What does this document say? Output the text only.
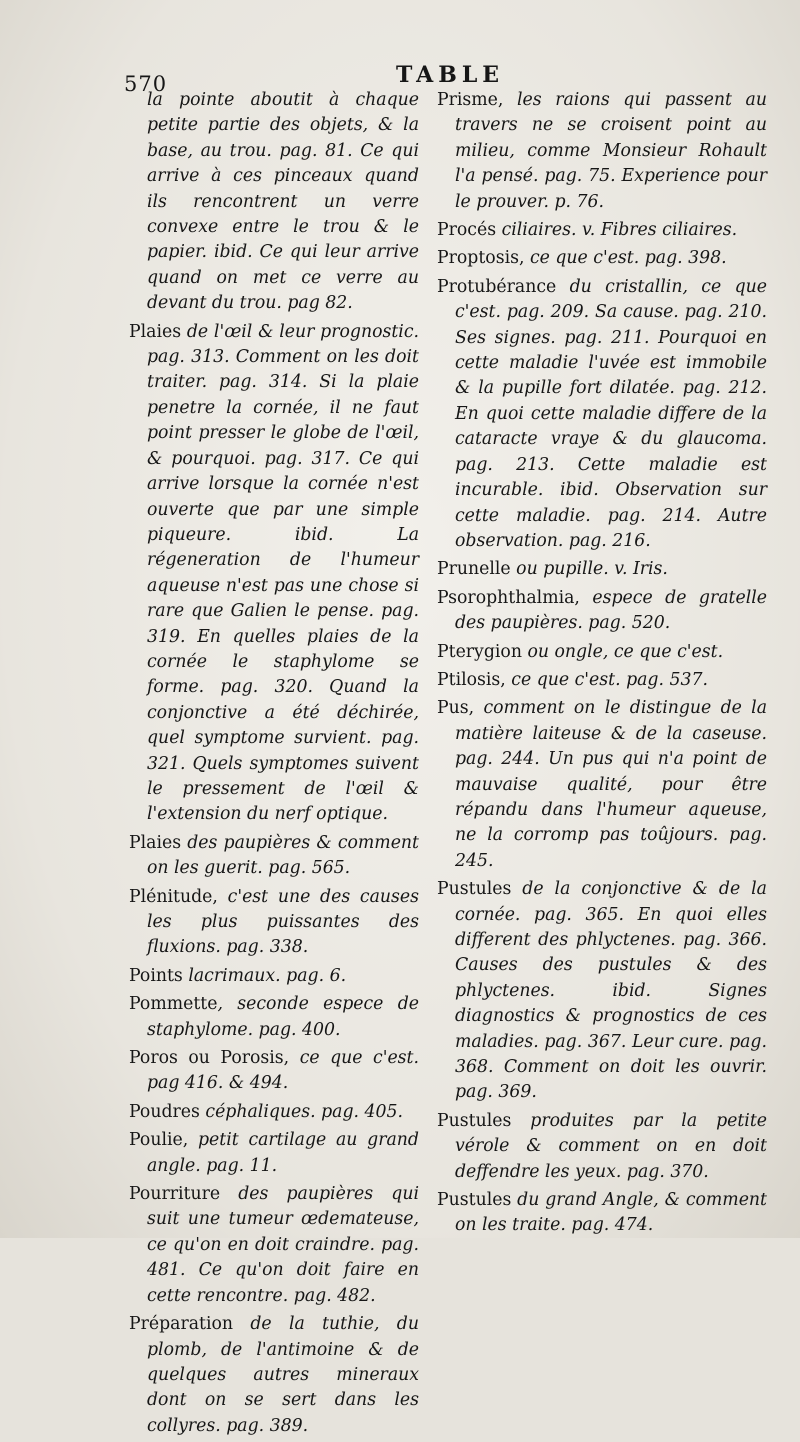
570	TABLE

la pointe aboutit à chaque petite partie des objets, & la base, au trou. pag. 81. Ce qui arrive à ces pinceaux quand ils rencontrent un verre convexe entre le trou & le papier. ibid. Ce qui leur arrive quand on met ce verre au devant du trou. pag 82.

Plaies de l'œil & leur prognostic. pag. 313. Comment on les doit traiter. pag. 314. Si la plaie penetre la cornée, il ne faut point presser le globe de l'œil, & pourquoi. pag. 317. Ce qui arrive lorsque la cornée n'est ouverte que par une simple piqueure. ibid. La régeneration de l'humeur aqueuse n'est pas une chose si rare que Galien le pense. pag. 319. En quelles plaies de la cornée le staphylome se forme. pag. 320. Quand la conjonctive a été déchirée, quel symptome survient. pag. 321. Quels symptomes suivent le pressement de l'œil & l'extension du nerf optique.

Plaies des paupières & comment on les guerit. pag. 565.

Plénitude, c'est une des causes les plus puissantes des fluxions. pag. 338.

Points lacrimaux. pag. 6.

Pommette, seconde espece de staphylome. pag. 400.

Poros ou Porosis, ce que c'est. pag 416. & 494.

Poudres céphaliques. pag. 405.

Poulie, petit cartilage au grand angle. pag. 11.

Pourriture des paupières qui suit une tumeur œdemateuse, ce qu'on en doit craindre. pag. 481. Ce qu'on doit faire en cette rencontre. pag. 482.

Préparation de la tuthie, du plomb, de l'antimoine & de quelques autres mineraux dont on se sert dans les collyres. pag. 389.

Prisme, les raions qui passent au travers ne se croisent point au milieu, comme Monsieur Rohault l'a pensé. pag. 75. Experience pour le prouver. p. 76.

Procés ciliaires. v. Fibres ciliaires.

Proptosis, ce que c'est. pag. 398.

Protubérance du cristallin, ce que c'est. pag. 209. Sa cause. pag. 210. Ses signes. pag. 211. Pourquoi en cette maladie l'uvée est immobile & la pupille fort dilatée. pag. 212. En quoi cette maladie differe de la cataracte vraye & du glaucoma. pag. 213. Cette maladie est incurable. ibid. Observation sur cette maladie. pag. 214. Autre observation. pag. 216.

Prunelle ou pupille. v. Iris.

Psorophthalmia, espece de gratelle des paupières. pag. 520.

Pterygion ou ongle, ce que c'est.

Ptilosis, ce que c'est. pag. 537.

Pus, comment on le distingue de la matière laiteuse & de la caseuse. pag. 244. Un pus qui n'a point de mauvaise qualité, pour être répandu dans l'humeur aqueuse, ne la corromp pas toûjours. pag. 245.

Pustules de la conjonctive & de la cornée. pag. 365. En quoi elles different des phlyctenes. pag. 366. Causes des pustules & des phlyctenes. ibid. Signes diagnostics & prognostics de ces maladies. pag. 367. Leur cure. pag. 368. Comment on doit les ouvrir. pag. 369.

Pustules produites par la petite vérole & comment on en doit deffendre les yeux. pag. 370.

Pustules du grand Angle, & comment on les traite. pag. 474.
